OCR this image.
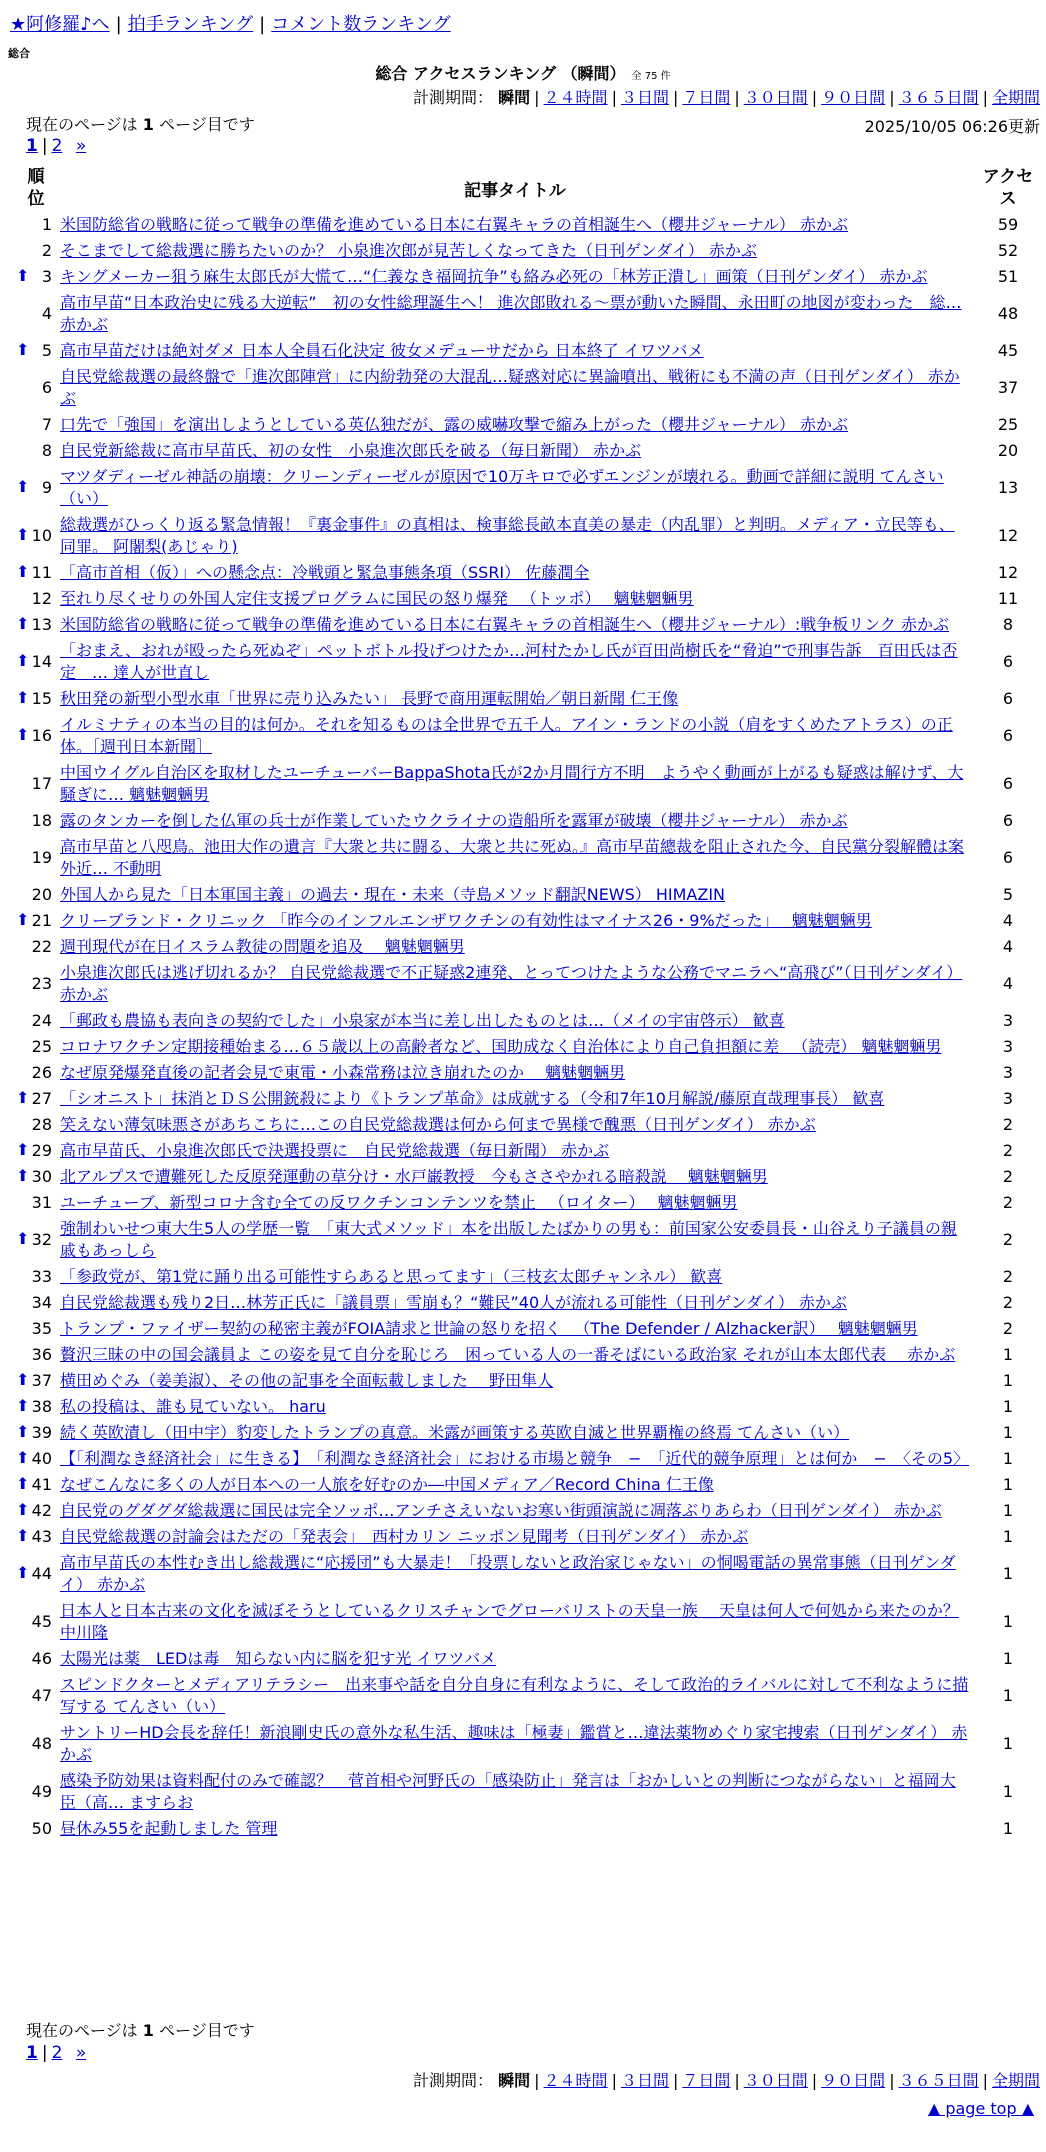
★阿修羅♪へ | 拍手ランキング | コメント数ランキング
総合
総合 アクセスランキング （瞬間） 全 75 件
計測期間： 瞬間 | ２４時間 | ３日間 | ７日間 | ３０日間 | ９０日間 | ３６５日間 | 全期間
現在のページは 1 ページ目です	2025/10/05 06:26更新
1 | 2 »
順位	記事タイトル	アクセス
1	米国防総省の戦略に従って戦争の準備を進めている日本に右翼キャラの首相誕生へ（櫻井ジャーナル） 赤かぶ	59
2	そこまでして総裁選に勝ちたいのか？ 小泉進次郎が見苦しくなってきた（日刊ゲンダイ） 赤かぶ	52

⬆ 3	キングメーカー狙う麻生太郎氏が大慌て…“仁義なき福岡抗争”も絡み必死の「林芳正潰し」画策（日刊ゲンダイ） 赤かぶ	51
4	高市早苗“日本政治史に残る大逆転”　初の女性総理誕生へ！ 進次郎敗れる〜票が動いた瞬間、永田町の地図が変わった　総… 赤かぶ	48

⬆ 5	高市早苗だけは絶対ダメ 日本人全員石化決定 彼女メデューサだから 日本終了 イワツバメ	45
6	自民党総裁選の最終盤で「進次郎陣営」に内紛勃発の大混乱…疑惑対応に異論噴出、戦術にも不満の声（日刊ゲンダイ） 赤かぶ	37
7	口先で「強国」を演出しようとしている英仏独だが、露の威嚇攻撃で縮み上がった（櫻井ジャーナル） 赤かぶ	25
8	自民党新総裁に高市早苗氏、初の女性　小泉進次郎氏を破る（毎日新聞） 赤かぶ	20

⬆ 9	マツダディーゼル神話の崩壊：クリーンディーゼルが原因で10万キロで必ずエンジンが壊れる。動画で詳細に説明 てんさい（い）	13

⬆ 10	総裁選がひっくり返る緊急情報！『裏金事件』の真相は、検事総長畝本直美の暴走（内乱罪）と判明。メディア・立民等も、同罪。 阿闍梨(あじゃり)	12

⬆ 11	「高市首相（仮）」への懸念点：冷戦頭と緊急事態条項（SSRI） 佐藤潤全	12
12	至れり尽くせりの外国人定住支援プログラムに国民の怒り爆発 　（トッポ）　 魑魅魍魎男	11

⬆ 13	米国防総省の戦略に従って戦争の準備を進めている日本に右翼キャラの首相誕生へ（櫻井ジャーナル）:戦争板リンク 赤かぶ	8

⬆ 14	「おまえ、おれが殴ったら死ぬぞ」ペットボトル投げつけたか…河村たかし氏が百田尚樹氏を“脅迫”で刑事告訴　百田氏は否定　… 達人が世直し	6

⬆ 15	秋田発の新型小型水車「世界に売り込みたい」 長野で商用運転開始／朝日新聞 仁王像	6

⬆ 16	イルミナティの本当の目的は何か。それを知るものは全世界で五千人。アイン・ランドの小説（肩をすくめたアトラス）の正体。［週刊日本新聞］	6
17	中国ウイグル自治区を取材したユーチューバーBappaShota氏が2か月間行方不明　ようやく動画が上がるも疑惑は解けず、大騒ぎに… 魑魅魍魎男	6
18	露のタンカーを倒した仏軍の兵士が作業していたウクライナの造船所を露軍が破壊（櫻井ジャーナル） 赤かぶ	6
19	高市早苗と八咫鳥。池田大作の遺言『大衆と共に闘る、大衆と共に死ぬ。』高市早苗總裁を阻止された今、自民黨分裂解體は案外近… 不動明	6
20	外国人から見た「日本軍国主義」の過去・現在・未来（寺島メソッド翻訳NEWS） HIMAZIN	5

⬆ 21	クリーブランド・クリニック 「昨今のインフルエンザワクチンの有効性はマイナス26・9%だった」　 魑魅魍魎男	4
22	週刊現代が在日イスラム教徒の問題を追及 　魑魅魍魎男	4
23	小泉進次郎氏は逃げ切れるか？ 自民党総裁選で不正疑惑2連発、とってつけたような公務でマニラへ“高飛び”（日刊ゲンダイ） 赤かぶ	4
24	「郵政も農協も表向きの契約でした」小泉家が本当に差し出したものとは…（メイの宇宙啓示） 歓喜	3
25	コロナワクチン定期接種始まる…６５歳以上の高齢者など、国助成なく自治体により自己負担額に差 　（読売） 魑魅魍魎男	3
26	なぜ原発爆発直後の記者会見で東電・小森常務は泣き崩れたのか　 魑魅魍魎男	3

⬆ 27	「シオニスト」抹消とＤＳ公開銃殺により《トランプ革命》は成就する（令和7年10月解説/藤原直哉理事長） 歓喜	3
28	笑えない薄気味悪さがあちこちに…この自民党総裁選は何から何まで異様で醜悪（日刊ゲンダイ） 赤かぶ	2

⬆ 29	高市早苗氏、小泉進次郎氏で決選投票に　自民党総裁選（毎日新聞） 赤かぶ	2

⬆ 30	北アルプスで遭難死した反原発運動の草分け・水戸巌教授　今もささやかれる暗殺説　 魑魅魍魎男	2
31	ユーチューブ、新型コロナ含む全ての反ワクチンコンテンツを禁止 　（ロイター）　 魑魅魍魎男	2

⬆ 32	強制わいせつ東大生5人の学歴一覧　「東大式メソッド」本を出版したばかりの男も：前国家公安委員長・山谷えり子議員の親戚もあっしら	2
33	「参政党が、第1党に踊り出る可能性すらあると思ってます」（三枝玄太郎チャンネル） 歓喜	2
34	自民党総裁選も残り2日…林芳正氏に「議員票」雪崩も？“難民”40人が流れる可能性（日刊ゲンダイ） 赤かぶ	2
35	トランプ・ファイザー契約の秘密主義がFOIA請求と世論の怒りを招く 　（The Defender / Alzhacker訳）　 魑魅魍魎男	2
36	贅沢三昧の中の国会議員よ この姿を見て自分を恥じろ　困っている人の一番そばにいる政治家 それが山本太郎代表　 赤かぶ	1

⬆ 37	横田めぐみ（姜美淑）、その他の記事を全面転載しました　 野田隼人	1

⬆ 38	私の投稿は、誰も見ていない。 haru	1

⬆ 39	続く英欧漬し（田中宇）豹変したトランプの真意。米露が画策する英欧自滅と世界覇権の終焉 てんさい（い）	1

⬆ 40	【「利潤なき経済社会」に生きる】　「利潤なき経済社会」における市場と競争　−　「近代的競争原理」とは何か　−　〈その5〉	1

⬆ 41	なぜこんなに多くの人が日本への一人旅を好むのか―中国メディア／Record China 仁王像	1

⬆ 42	自民党のグダグダ総裁選に国民は完全ソッポ…アンチさえいないお寒い街頭演説に凋落ぶりあらわ（日刊ゲンダイ） 赤かぶ	1

⬆ 43	自民党総裁選の討論会はただの「発表会」　西村カリン ニッポン見聞考（日刊ゲンダイ） 赤かぶ	1

⬆ 44	高市早苗氏の本性むき出し総裁選に“応援団”も大暴走！「投票しないと政治家じゃない」の恫喝電話の異常事態（日刊ゲンダイ） 赤かぶ	1
45	日本人と日本古来の文化を滅ぼそうとしているクリスチャンでグローバリストの天皇一族 ＿天皇は何人で何処から来たのか？ 中川隆	1
46	太陽光は薬　LEDは毒　知らない内に脳を犯す光 イワツバメ	1
47	スピンドクターとメディアリテラシー　出来事や話を自分自身に有利なように、そして政治的ライバルに対して不利なように描写する てんさい（い）	1
48	サントリーHD会長を辞任！新浪剛史氏の意外な私生活、趣味は「極妻」鑑賞と…違法薬物めぐり家宅捜索（日刊ゲンダイ） 赤かぶ	1
49	感染予防効果は資料配付のみで確認？　菅首相や河野氏の「感染防止」発言は「おかしいとの判断につながらない」と福岡大臣（高… ますらお	1
50	昼休み55を起動しました 管理	1
現在のページは 1 ページ目です
1 | 2 »
計測期間： 瞬間 | ２４時間 | ３日間 | ７日間 | ３０日間 | ９０日間 | ３６５日間 | 全期間
▲ page top ▲
